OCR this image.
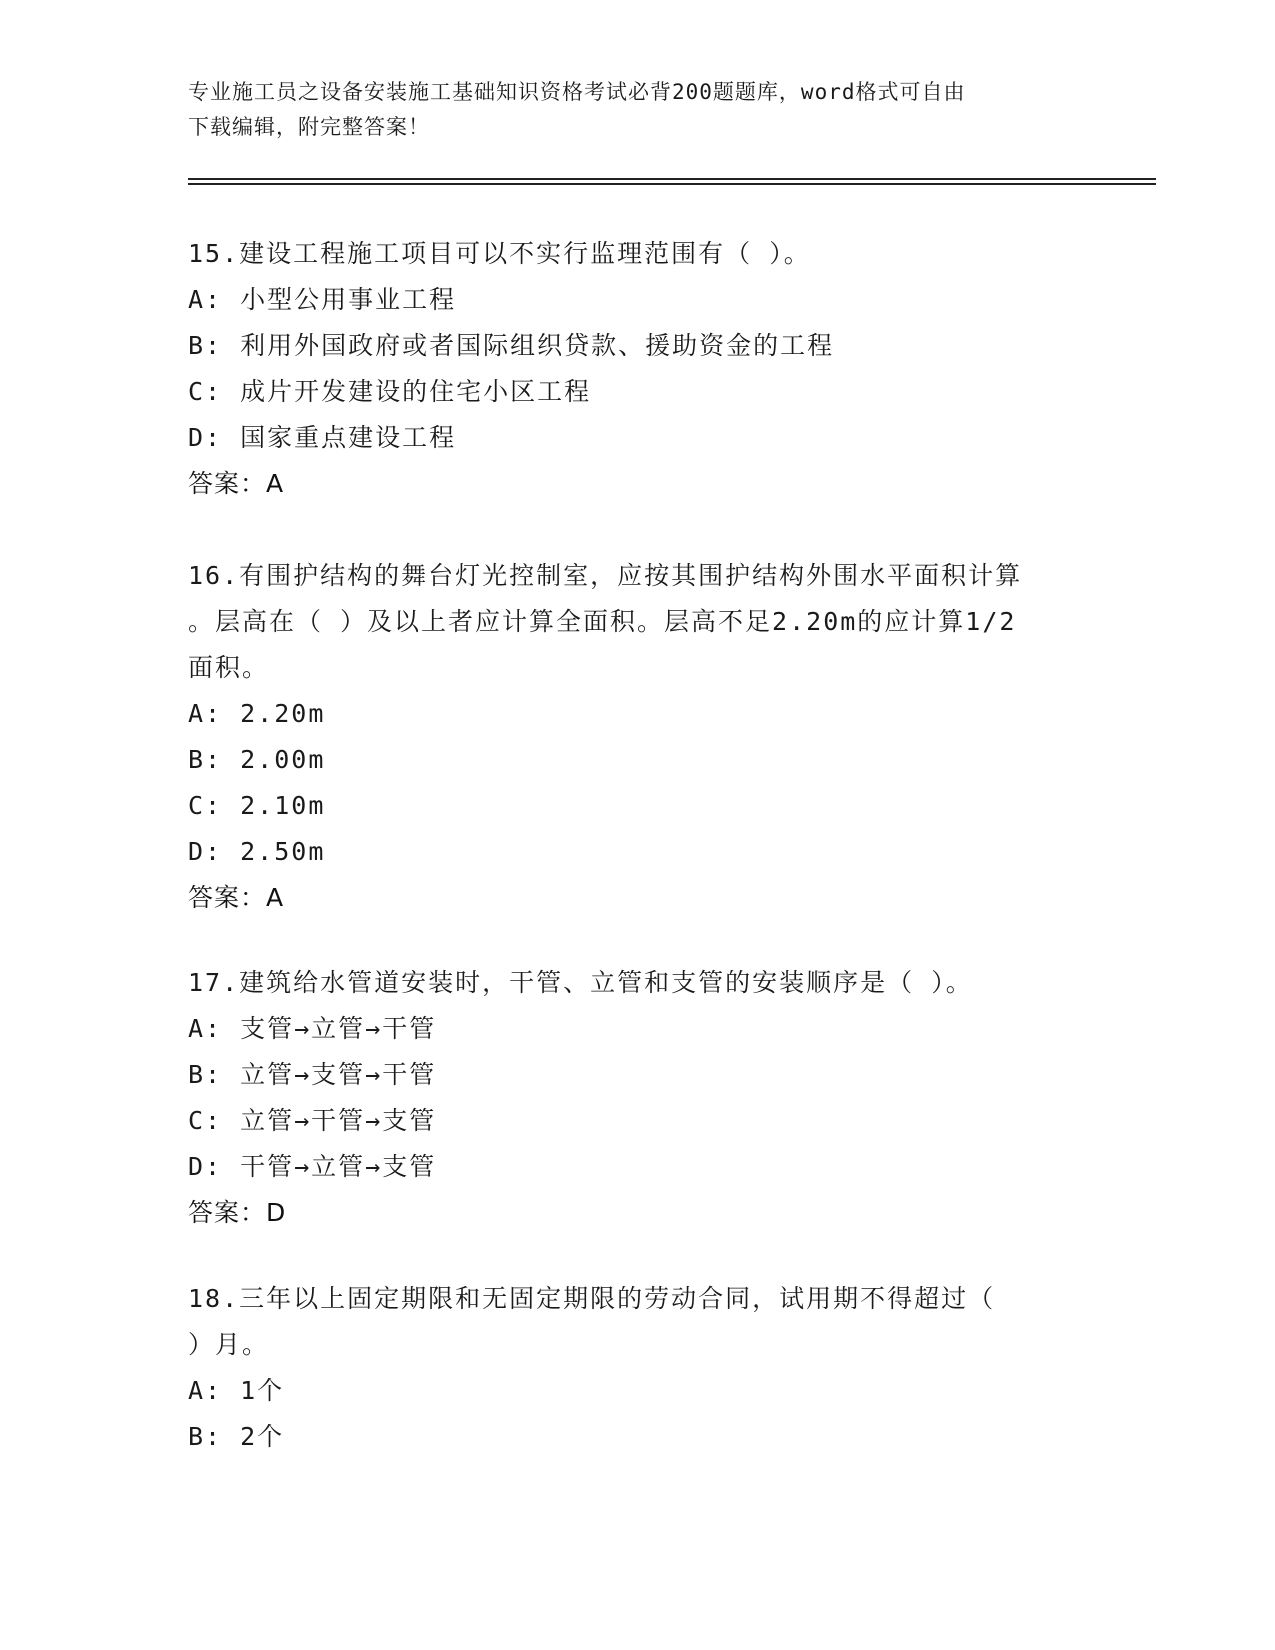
专业施工员之设备安装施工基础知识资格考试必背200题题库，word格式可自由
下载编辑，附完整答案！
15.建设工程施工项目可以不实行监理范围有（ ）。
A: 小型公用事业工程
B: 利用外国政府或者国际组织贷款、援助资金的工程
C: 成片开发建设的住宅小区工程
D: 国家重点建设工程
答案：A
16.有围护结构的舞台灯光控制室，应按其围护结构外围水平面积计算
。层高在（ ）及以上者应计算全面积。层高不足2.20m的应计算1/2
面积。
A: 2.20m
B: 2.00m
C: 2.10m
D: 2.50m
答案：A
17.建筑给水管道安装时，干管、立管和支管的安装顺序是（ ）。
A: 支管→立管→干管
B: 立管→支管→干管
C: 立管→干管→支管
D: 干管→立管→支管
答案：D
18.三年以上固定期限和无固定期限的劳动合同，试用期不得超过（
）月。
A: 1个
B: 2个
